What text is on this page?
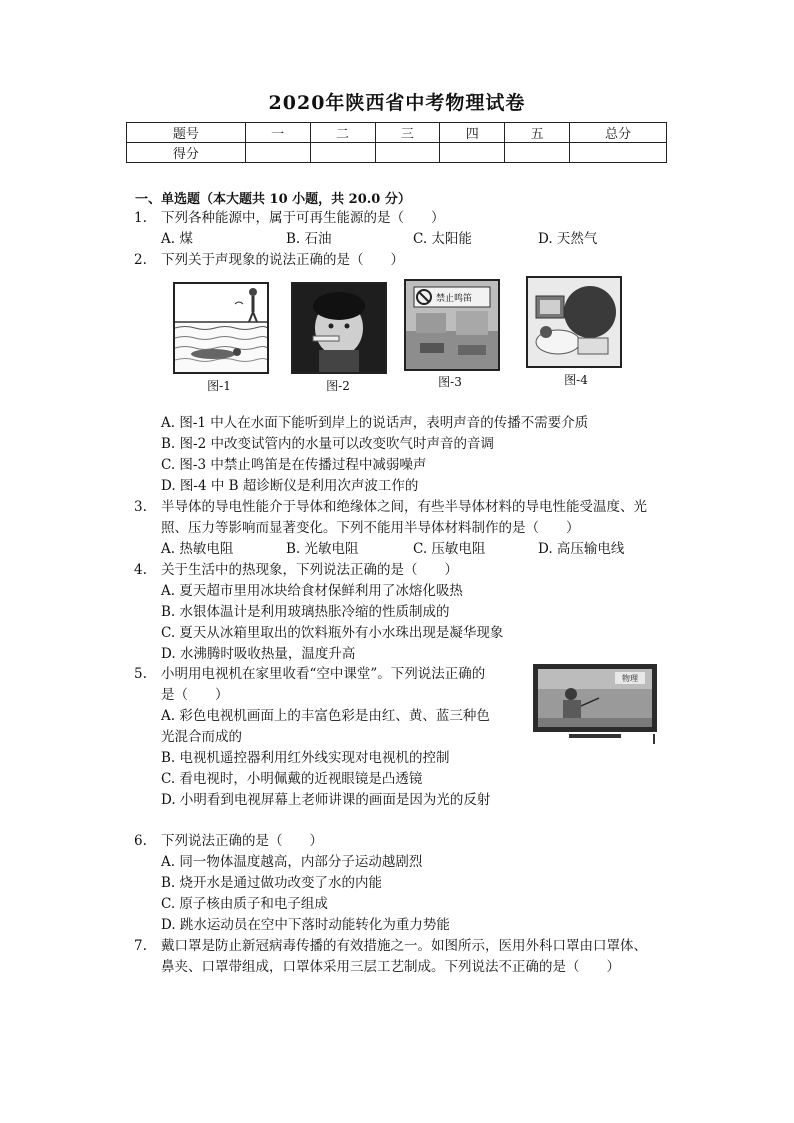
2020年陕西省中考物理试卷
题号	一	二	三	四	五	总分
得分						
一、单选题（本大题共 10 小题，共 20.0 分）
1. 下列各种能源中，属于可再生能源的是（　　）
A. 煤	B. 石油	C. 太阳能	D. 天然气
2. 下列关于声现象的说法正确的是（　　）
图-1	图-2
禁止鸣笛
图-3	图-4
A. 图-1 中人在水面下能听到岸上的说话声，表明声音的传播不需要介质
B. 图-2 中改变试管内的水量可以改变吹气时声音的音调
C. 图-3 中禁止鸣笛是在传播过程中减弱噪声
D. 图-4 中 B 超诊断仪是利用次声波工作的
3. 半导体的导电性能介于导体和绝缘体之间，有些半导体材料的导电性能受温度、光
照、压力等影响而显著变化。下列不能用半导体材料制作的是（　　）
A. 热敏电阻	B. 光敏电阻	C. 压敏电阻	D. 高压输电线
4. 关于生活中的热现象，下列说法正确的是（　　）
A. 夏天超市里用冰块给食材保鲜利用了冰熔化吸热
B. 水银体温计是利用玻璃热胀冷缩的性质制成的
C. 夏天从冰箱里取出的饮料瓶外有小水珠出现是凝华现象
D. 水沸腾时吸收热量，温度升高
5. 小明用电视机在家里收看“空中课堂”。下列说法正确的
是（　　）
A. 彩色电视机画面上的丰富色彩是由红、黄、蓝三种色
光混合而成的
B. 电视机遥控器利用红外线实现对电视机的控制
C. 看电视时，小明佩戴的近视眼镜是凸透镜
D. 小明看到电视屏幕上老师讲课的画面是因为光的反射
物理
6. 下列说法正确的是（　　）
A. 同一物体温度越高，内部分子运动越剧烈
B. 烧开水是通过做功改变了水的内能
C. 原子核由质子和电子组成
D. 跳水运动员在空中下落时动能转化为重力势能
7. 戴口罩是防止新冠病毒传播的有效措施之一。如图所示，医用外科口罩由口罩体、
鼻夹、口罩带组成，口罩体采用三层工艺制成。下列说法不正确的是（　　）
